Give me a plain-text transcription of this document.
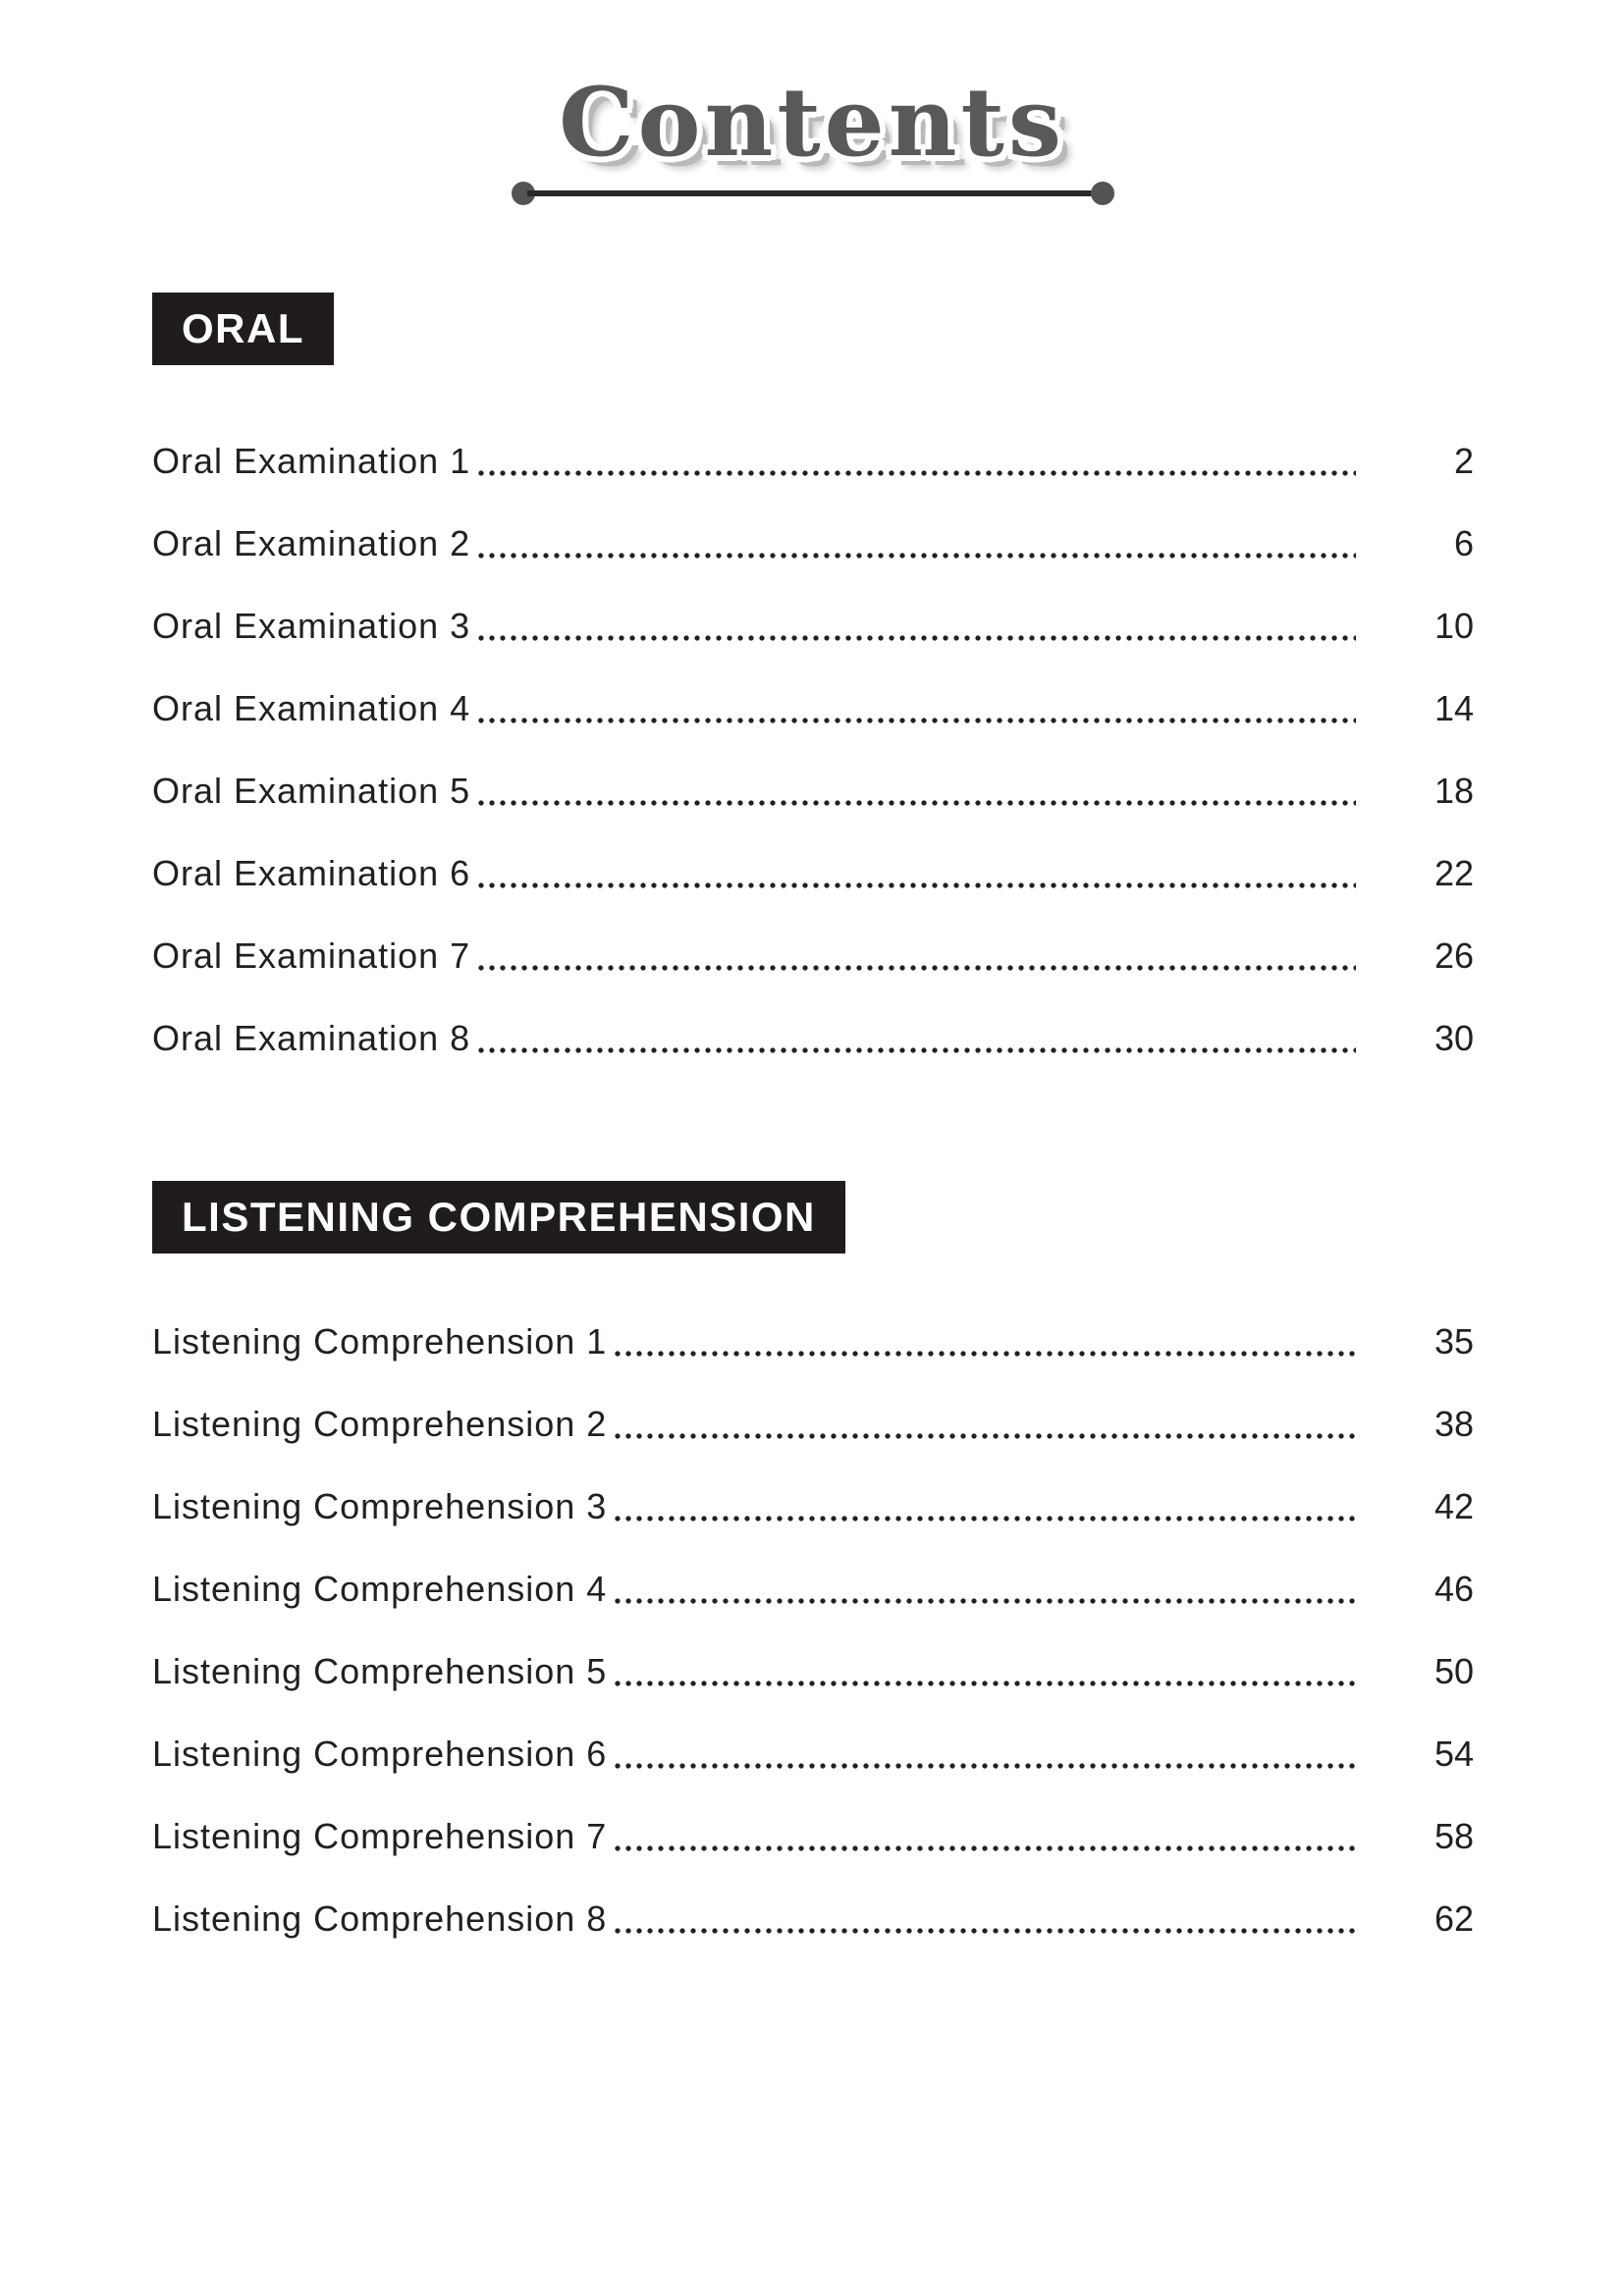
Contents
ORAL
Oral Examination 1	2
Oral Examination 2	6
Oral Examination 3	10
Oral Examination 4	14
Oral Examination 5	18
Oral Examination 6	22
Oral Examination 7	26
Oral Examination 8	30
LISTENING COMPREHENSION
Listening Comprehension 1	35
Listening Comprehension 2	38
Listening Comprehension 3	42
Listening Comprehension 4	46
Listening Comprehension 5	50
Listening Comprehension 6	54
Listening Comprehension 7	58
Listening Comprehension 8	62
